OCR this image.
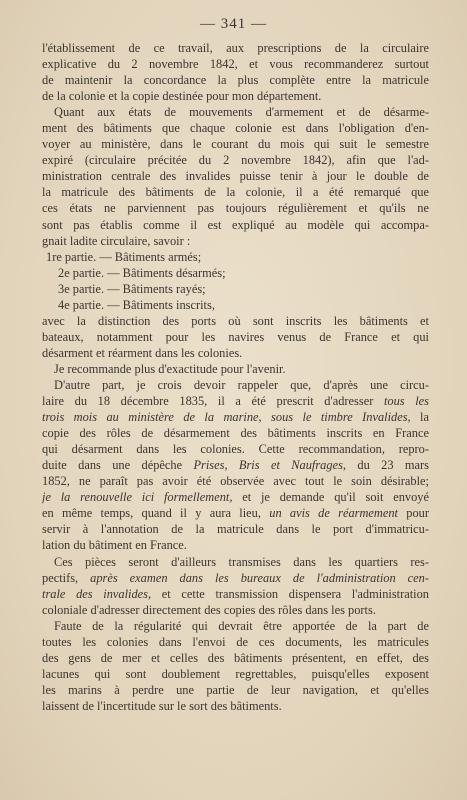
— 341 —
l'établissement de ce travail, aux prescriptions de la circulaire
explicative du 2 novembre 1842, et vous recommanderez surtout
de maintenir la concordance la plus complète entre la matricule
de la colonie et la copie destinée pour mon département.
Quant aux états de mouvements d'armement et de désarme-
ment des bâtiments que chaque colonie est dans l'obligation d'en-
voyer au ministère, dans le courant du mois qui suit le semestre
expiré (circulaire précitée du 2 novembre 1842), afin que l'ad-
ministration centrale des invalides puisse tenir à jour le double de
la matricule des bâtiments de la colonie, il a été remarqué que
ces états ne parviennent pas toujours régulièrement et qu'ils ne
sont pas établis comme il est expliqué au modèle qui accompa-
gnait ladite circulaire, savoir :
1re partie. — Bâtiments armés;
2e partie. — Bâtiments désarmés;
3e partie. — Bâtiments rayés;
4e partie. — Bâtiments inscrits,
avec la distinction des ports où sont inscrits les bâtiments et
bateaux, notamment pour les navires venus de France et qui
désarment et réarment dans les colonies.
Je recommande plus d'exactitude pour l'avenir.
D'autre part, je crois devoir rappeler que, d'après une circu-
laire du 18 décembre 1835, il a été prescrit d'adresser tous les
trois mois au ministère de la marine, sous le timbre Invalides, la
copie des rôles de désarmement des bâtiments inscrits en France
qui désarment dans les colonies. Cette recommandation, repro-
duite dans une dépêche Prises, Bris et Naufrages, du 23 mars
1852, ne paraît pas avoir été observée avec tout le soin désirable;
je la renouvelle ici formellement, et je demande qu'il soit envoyé
en même temps, quand il y aura lieu, un avis de réarmement pour
servir à l'annotation de la matricule dans le port d'immatricu-
lation du bâtiment en France.
Ces pièces seront d'ailleurs transmises dans les quartiers res-
pectifs, après examen dans les bureaux de l'administration cen-
trale des invalides, et cette transmission dispensera l'administration
coloniale d'adresser directement des copies des rôles dans les ports.
Faute de la régularité qui devrait être apportée de la part de
toutes les colonies dans l'envoi de ces documents, les matricules
des gens de mer et celles des bâtiments présentent, en effet, des
lacunes qui sont doublement regrettables, puisqu'elles exposent
les marins à perdre une partie de leur navigation, et qu'elles
laissent de l'incertitude sur le sort des bâtiments.
